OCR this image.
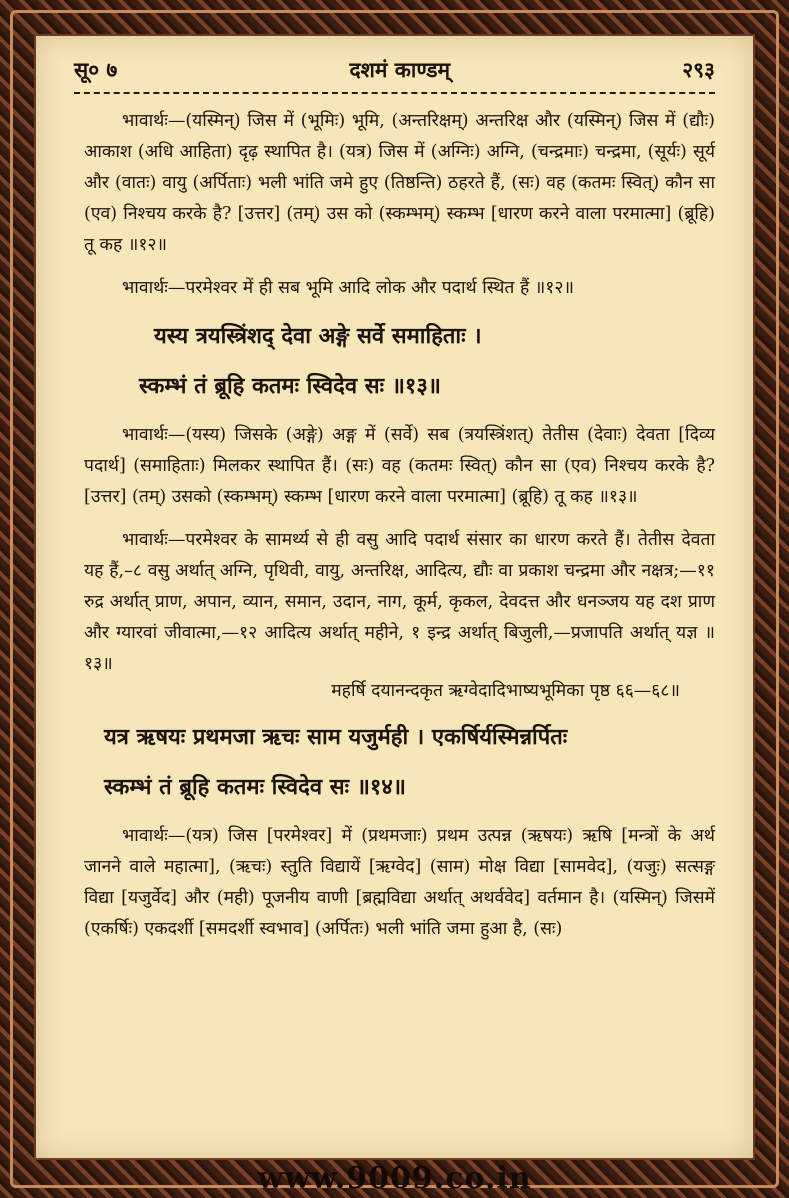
सू० ७	दशमं काण्डम्	२९३
भावार्थः—(यस्मिन्) जिस में (भूमिः) भूमि, (अन्तरिक्षम्) अन्तरिक्ष और (यस्मिन्) जिस में (द्यौः) आकाश (अधि आहिता) दृढ़ स्थापित है। (यत्र) जिस में (अग्निः) अग्नि, (चन्द्रमाः) चन्द्रमा, (सूर्यः) सूर्य और (वातः) वायु (अर्पिताः) भली भांति जमे हुए (तिष्ठन्ति) ठहरते हैं, (सः) वह (कतमः स्वित्) कौन सा (एव) निश्चय करके है? [उत्तर] (तम्) उस को (स्कम्भम्) स्कम्भ [धारण करने वाला परमात्मा] (ब्रूहि) तू कह ॥१२॥
भावार्थः—परमेश्वर में ही सब भूमि आदि लोक और पदार्थ स्थित हैं ॥१२॥
यस्य त्रयस्त्रिंशद् देवा अङ्गे सर्वे समाहिताः ।
स्कम्भं तं ब्रूहि कतमः स्विदेव सः ॥१३॥
भावार्थः—(यस्य) जिसके (अङ्गे) अङ्ग में (सर्वे) सब (त्रयस्त्रिंशत्) तेतीस (देवाः) देवता [दिव्य पदार्थ] (समाहिताः) मिलकर स्थापित हैं। (सः) वह (कतमः स्वित्) कौन सा (एव) निश्चय करके है? [उत्तर] (तम्) उसको (स्कम्भम्) स्कम्भ [धारण करने वाला परमात्मा] (ब्रूहि) तू कह ॥१३॥
भावार्थः—परमेश्वर के सामर्थ्य से ही वसु आदि पदार्थ संसार का धारण करते हैं। तेतीस देवता यह हैं,–८ वसु अर्थात् अग्नि, पृथिवी, वायु, अन्तरिक्ष, आदित्य, द्यौः वा प्रकाश चन्द्रमा और नक्षत्र;—११ रुद्र अर्थात् प्राण, अपान, व्यान, समान, उदान, नाग, कूर्म, कृकल, देवदत्त और धनञ्जय यह दश प्राण और ग्यारवां जीवात्मा,—१२ आदित्य अर्थात् महीने, १ इन्द्र अर्थात् बिजुली,—प्रजापति अर्थात् यज्ञ ॥१३॥
महर्षि दयानन्दकृत ऋग्वेदादिभाष्यभूमिका पृष्ठ ६६—६८॥
यत्र ऋषयः प्रथमजा ऋचः साम यजुर्मही । एकर्षिर्यस्मिन्नर्पितः
स्कम्भं तं ब्रूहि कतमः स्विदेव सः ॥१४॥
भावार्थः—(यत्र) जिस [परमेश्वर] में (प्रथमजाः) प्रथम उत्पन्न (ऋषयः) ऋषि [मन्त्रों के अर्थ जानने वाले महात्मा], (ऋचः) स्तुति विद्यायें [ऋग्वेद] (साम) मोक्ष विद्या [सामवेद], (यजुः) सत्सङ्ग विद्या [यजुर्वेद] और (मही) पूजनीय वाणी [ब्रह्मविद्या अर्थात् अथर्ववेद] वर्तमान है। (यस्मिन्) जिसमें (एकर्षिः) एकदर्शी [समदर्शी स्वभाव] (अर्पितः) भली भांति जमा हुआ है, (सः)
www.9009.co.in
